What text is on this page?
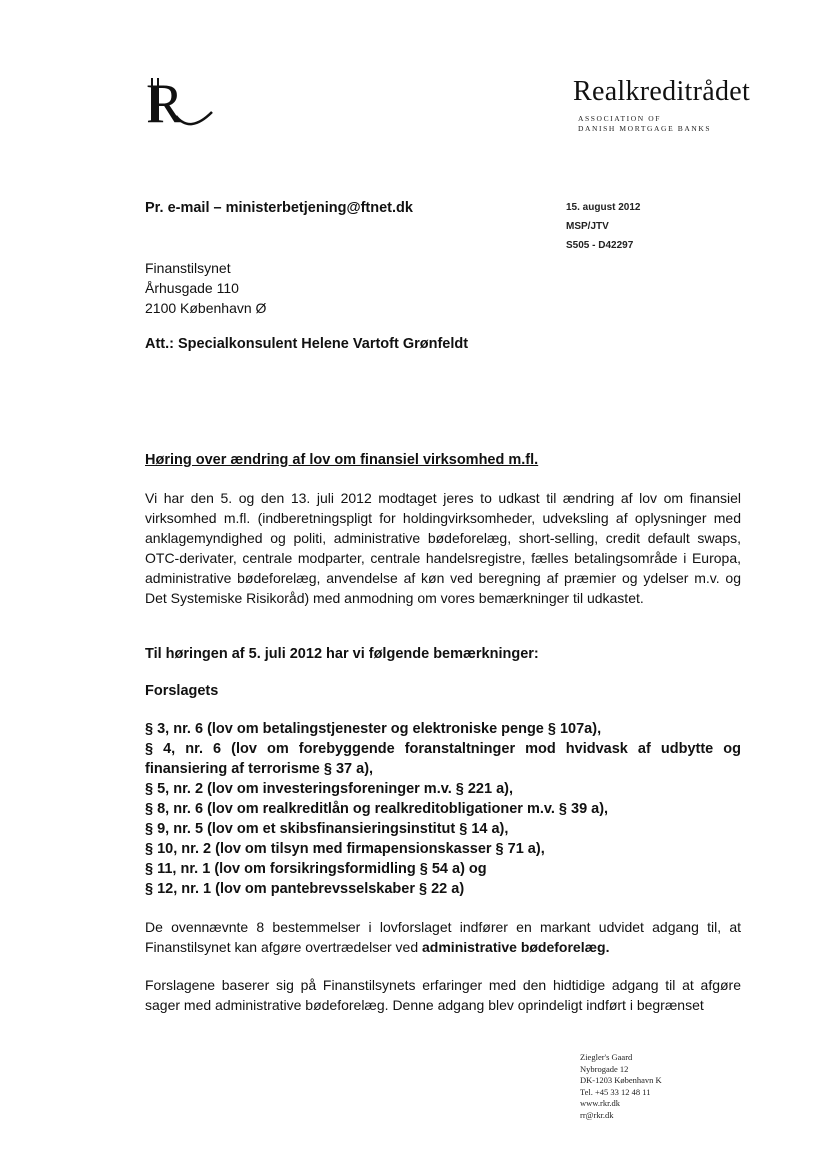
R	Realkreditrådet
ASSOCIATION OF
DANISH MORTGAGE BANKS
Pr. e-mail – ministerbetjening@ftnet.dk	15. august 2012
MSP/JTV
S505 - D42297
Finanstilsynet
Århusgade 110
2100 København Ø
Att.: Specialkonsulent Helene Vartoft Grønfeldt
Høring over ændring af lov om finansiel virksomhed m.fl.
Vi har den 5. og den 13. juli 2012 modtaget jeres to udkast til ændring af lov om finansiel virksomhed m.fl. (indberetningspligt for holdingvirksomheder, udveksling af oplysninger med anklagemyndighed og politi, administrative bødeforelæg, short-selling, credit default swaps, OTC-derivater, centrale modparter, centrale handelsregistre, fælles betalingsområde i Europa, administrative bødeforelæg, anvendelse af køn ved beregning af præmier og ydelser m.v. og Det Systemiske Risikoråd) med anmodning om vores bemærkninger til udkastet.
Til høringen af 5. juli 2012 har vi følgende bemærkninger:
Forslagets
§ 3, nr. 6 (lov om betalingstjenester og elektroniske penge § 107a),
§ 4, nr. 6 (lov om forebyggende foranstaltninger mod hvidvask af udbytte og finansiering af terrorisme § 37 a),
§ 5, nr. 2 (lov om investeringsforeninger m.v. § 221 a),
§ 8, nr. 6 (lov om realkreditlån og realkreditobligationer m.v. § 39 a),
§ 9, nr. 5 (lov om et skibsfinansieringsinstitut § 14 a),
§ 10, nr. 2 (lov om tilsyn med firmapensionskasser § 71 a),
§ 11, nr. 1 (lov om forsikringsformidling § 54 a) og
§ 12, nr. 1 (lov om pantebrevsselskaber § 22 a)
De ovennævnte 8 bestemmelser i lovforslaget indfører en markant udvidet adgang til, at Finanstilsynet kan afgøre overtrædelser ved administrative bødeforelæg.
Forslagene baserer sig på Finanstilsynets erfaringer med den hidtidige adgang til at afgøre sager med administrative bødeforelæg. Denne adgang blev oprindeligt indført i begrænset
Ziegler's Gaard
Nybrogade 12
DK-1203 København K
Tel. +45 33 12 48 11
www.rkr.dk
rr@rkr.dk
